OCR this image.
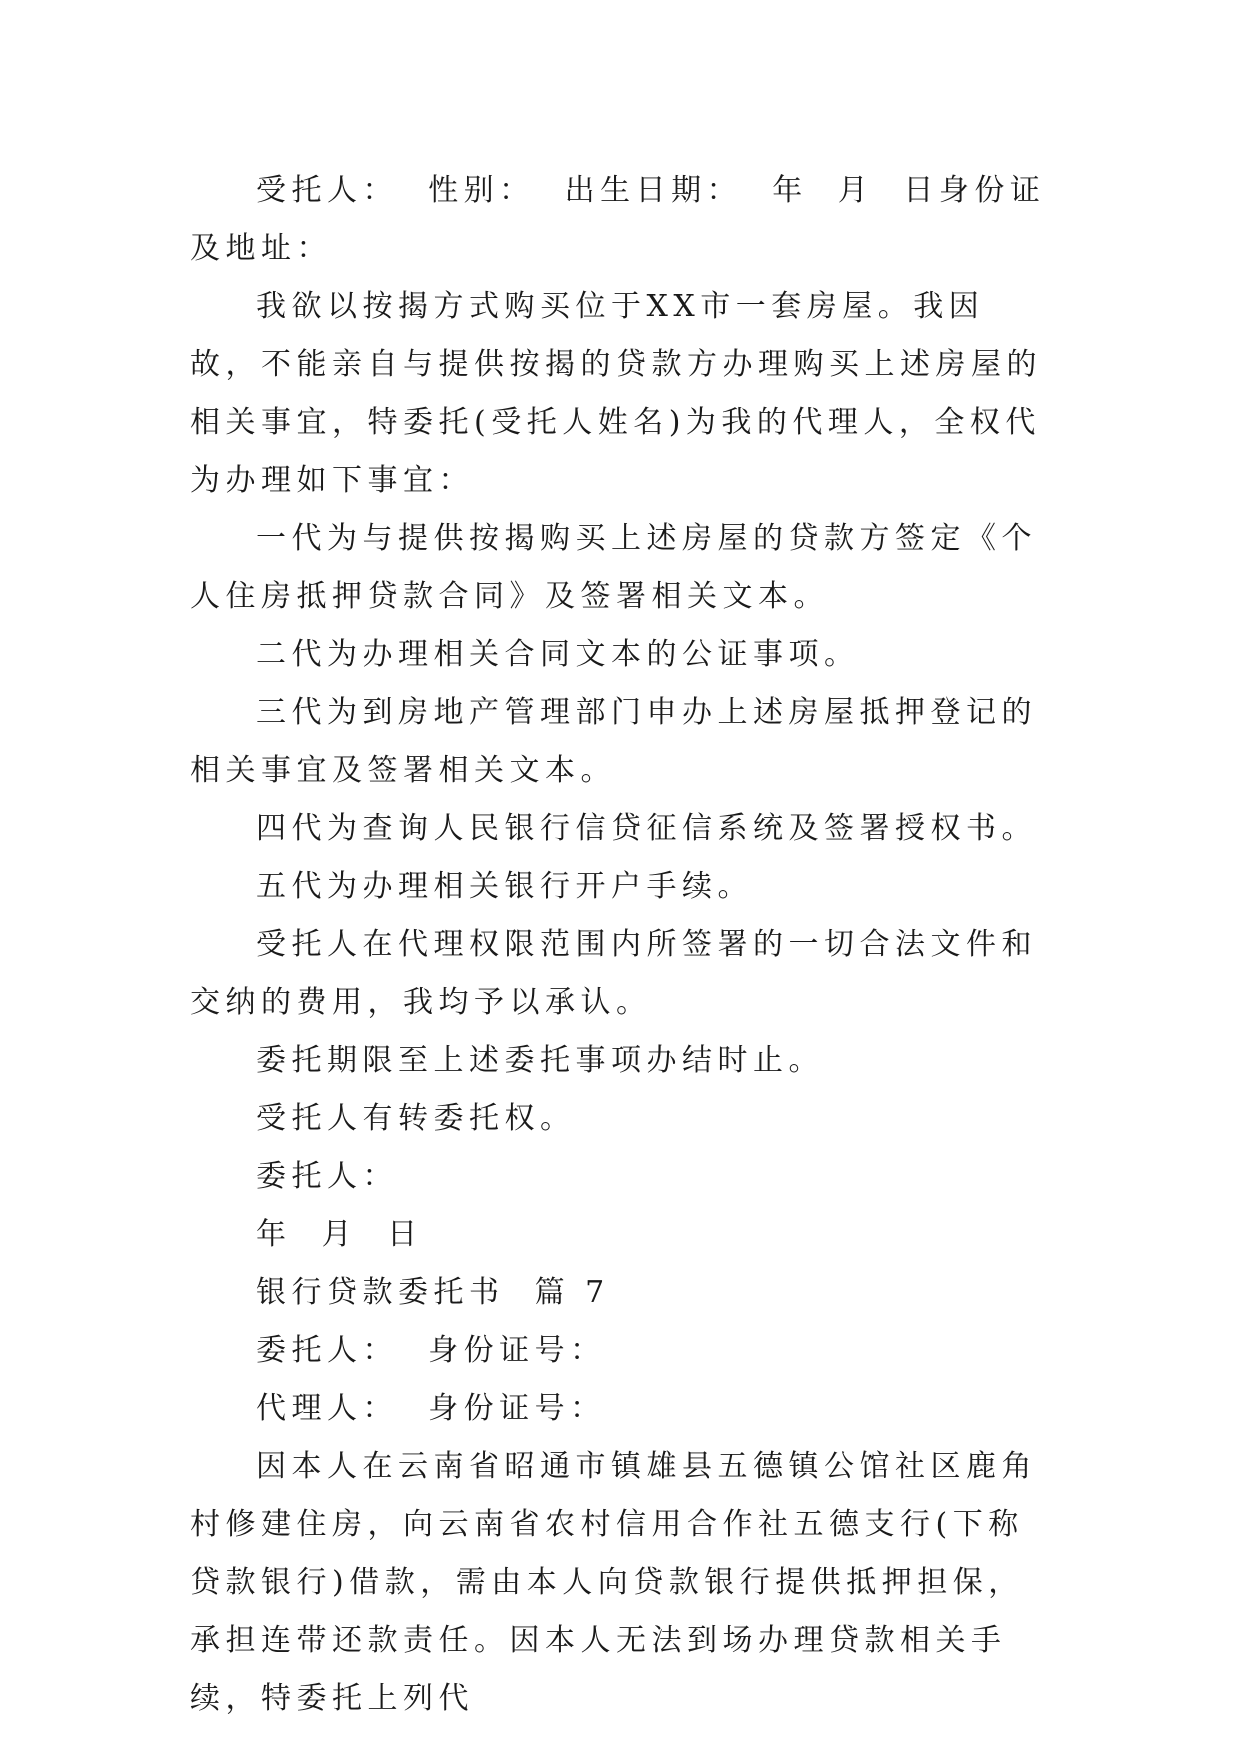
受托人：  性别：  出生日期：  年  月  日身份证及地址：

我欲以按揭方式购买位于XX市一套房屋。我因故，不能亲自与提供按揭的贷款方办理购买上述房屋的相关事宜，特委托(受托人姓名)为我的代理人，全权代为办理如下事宜：

一代为与提供按揭购买上述房屋的贷款方签定《个人住房抵押贷款合同》及签署相关文本。

二代为办理相关合同文本的公证事项。

三代为到房地产管理部门申办上述房屋抵押登记的相关事宜及签署相关文本。

四代为查询人民银行信贷征信系统及签署授权书。

五代为办理相关银行开户手续。

受托人在代理权限范围内所签署的一切合法文件和交纳的费用，我均予以承认。

委托期限至上述委托事项办结时止。

受托人有转委托权。

委托人：

年  月  日

银行贷款委托书  篇 7

委托人：  身份证号：

代理人：  身份证号：

因本人在云南省昭通市镇雄县五德镇公馆社区鹿角村修建住房，向云南省农村信用合作社五德支行(下称贷款银行)借款，需由本人向贷款银行提供抵押担保，承担连带还款责任。因本人无法到场办理贷款相关手续，特委托上列代
